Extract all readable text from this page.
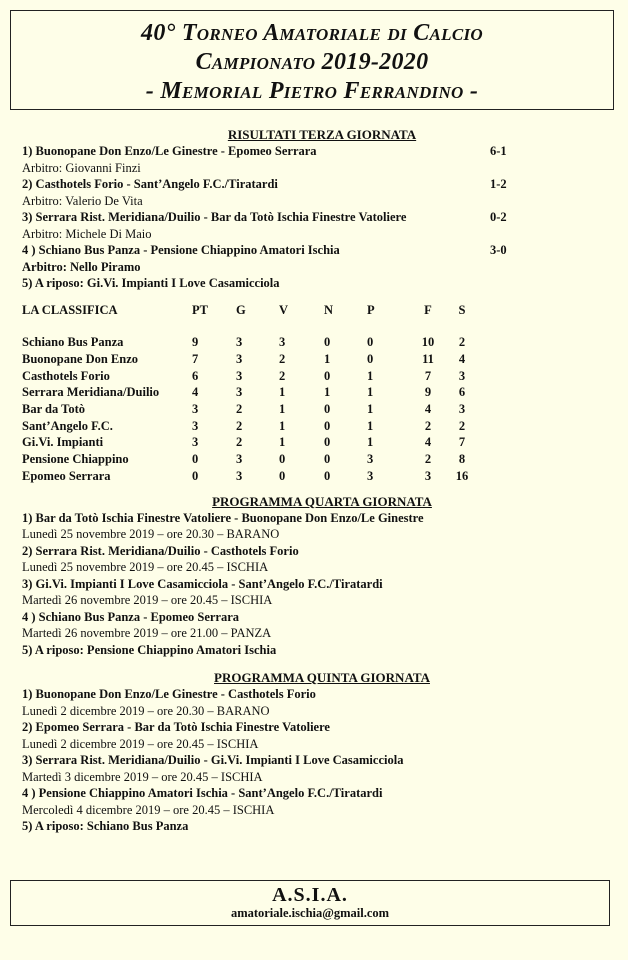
40° Torneo Amatoriale di Calcio
Campionato 2019-2020
- Memorial Pietro Ferrandino -
RISULTATI TERZA GIORNATA
1) Buonopane Don Enzo/Le Ginestre - Epomeo Serrara	6-1
Arbitro: Giovanni Finzi
2) Casthotels Forio - Sant’Angelo F.C./Tiratardi	1-2
Arbitro: Valerio De Vita
3) Serrara Rist. Meridiana/Duilio - Bar da Totò Ischia Finestre Vatoliere	0-2
Arbitro: Michele Di Maio
4 ) Schiano Bus Panza - Pensione Chiappino Amatori Ischia	3-0
Arbitro: Nello Piramo
5) A riposo: Gi.Vi. Impianti I Love Casamicciola
LA CLASSIFICA	PT	G	V	N	P	F	S
Schiano Bus Panza	9	3	3	0	0	10	2
Buonopane Don Enzo	7	3	2	1	0	11	4
Casthotels Forio	6	3	2	0	1	7	3
Serrara Meridiana/Duilio	4	3	1	1	1	9	6
Bar da Totò	3	2	1	0	1	4	3
Sant’Angelo F.C.	3	2	1	0	1	2	2
Gi.Vi. Impianti	3	2	1	0	1	4	7
Pensione Chiappino	0	3	0	0	3	2	8
Epomeo Serrara	0	3	0	0	3	3	16
PROGRAMMA QUARTA GIORNATA
1) Bar da Totò Ischia Finestre Vatoliere - Buonopane Don Enzo/Le Ginestre
Lunedì 25 novembre 2019 – ore 20.30 – BARANO
2) Serrara Rist. Meridiana/Duilio - Casthotels Forio
Lunedì 25 novembre 2019 – ore 20.45 – ISCHIA
3) Gi.Vi. Impianti I Love Casamicciola - Sant’Angelo F.C./Tiratardi
Martedì 26 novembre 2019 – ore 20.45 – ISCHIA
4 ) Schiano Bus Panza - Epomeo Serrara
Martedì 26 novembre 2019 – ore 21.00 – PANZA
5) A riposo: Pensione Chiappino Amatori Ischia
PROGRAMMA QUINTA GIORNATA
1) Buonopane Don Enzo/Le Ginestre - Casthotels Forio
Lunedì 2 dicembre 2019 – ore 20.30 – BARANO
2) Epomeo Serrara - Bar da Totò Ischia Finestre Vatoliere
Lunedì 2 dicembre 2019 – ore 20.45 – ISCHIA
3) Serrara Rist. Meridiana/Duilio - Gi.Vi. Impianti I Love Casamicciola
Martedì 3 dicembre 2019 – ore 20.45 – ISCHIA
4 ) Pensione Chiappino Amatori Ischia - Sant’Angelo F.C./Tiratardi
Mercoledì 4 dicembre 2019 – ore 20.45 – ISCHIA
5) A riposo: Schiano Bus Panza
A.S.I.A.
amatoriale.ischia@gmail.com
